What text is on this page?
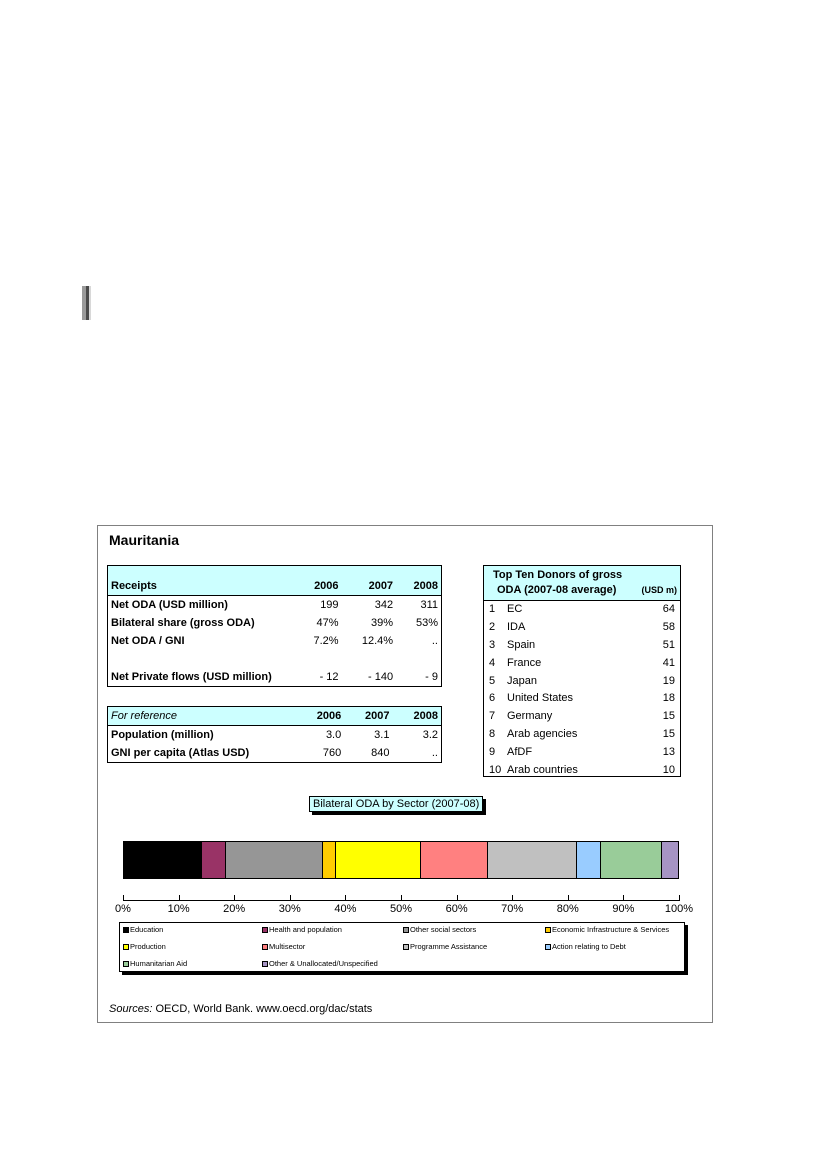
Mauritania
Receipts	2006	2007	2008
Net ODA (USD million)	199	342	311
Bilateral share (gross ODA)	47%	39%	53%
Net ODA / GNI	7.2%	12.4%	..

Net Private flows (USD million)	- 12	- 140	- 9
For reference	2006	2007	2008
Population (million)	3.0	3.1	3.2
GNI per capita (Atlas USD)	760	840	..
Top Ten Donors of gross
ODA (2007-08 average)	(USD m)
1 EC	64
2 IDA	58
3 Spain	51
4 France	41
5 Japan	19
6 United States	18
7 Germany	15
8 Arab agencies	15
9 AfDF	13
10 Arab countries	10
Bilateral ODA by Sector (2007-08)
0%	10%	20%	30%	40%	50%	60%	70%	80%	90%	100%
Education	Health and population	Other social sectors	Economic Infrastructure & Services
Production	Multisector	Programme Assistance	Action relating to Debt
Humanitarian Aid	Other & Unallocated/Unspecified
Sources: OECD, World Bank. www.oecd.org/dac/stats
